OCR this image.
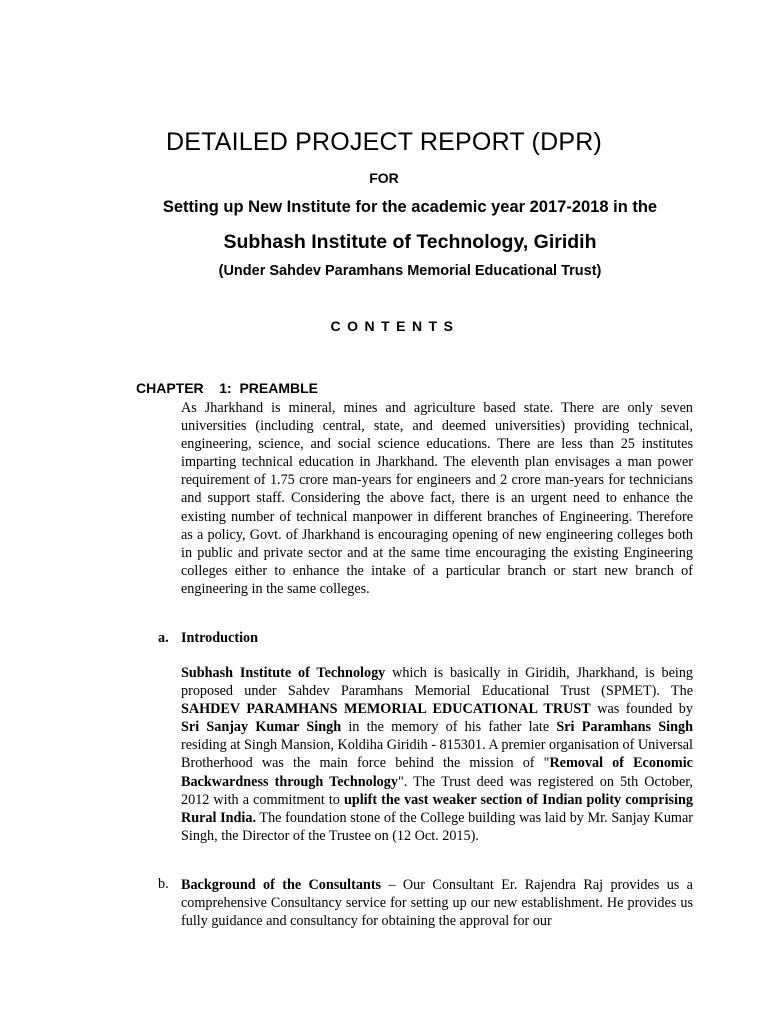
DETAILED PROJECT REPORT (DPR)
FOR
Setting up New Institute for the academic year 2017-2018 in the
Subhash Institute of Technology, Giridih
(Under Sahdev Paramhans Memorial Educational Trust)
CONTENTS
CHAPTER    1:  PREAMBLE
As Jharkhand is mineral, mines and agriculture based state. There are only seven universities (including central, state, and deemed universities) providing technical, engineering, science, and social science educations. There are less than 25 institutes imparting technical education in Jharkhand. The eleventh plan envisages a man power requirement of 1.75 crore man-years for engineers and 2 crore man-years for technicians and support staff. Considering the above fact, there is an urgent need to enhance the existing number of technical manpower in different branches of Engineering. Therefore as a policy, Govt. of Jharkhand is encouraging opening of new engineering colleges both in public and private sector and at the same time encouraging the existing Engineering colleges either to enhance the intake of a particular branch or start new branch of engineering in the same colleges.
a. Introduction
Subhash Institute of Technology which is basically in Giridih, Jharkhand, is being proposed under Sahdev Paramhans Memorial Educational Trust (SPMET). The SAHDEV PARAMHANS MEMORIAL EDUCATIONAL TRUST was founded by Sri Sanjay Kumar Singh in the memory of his father late Sri Paramhans Singh residing at Singh Mansion, Koldiha Giridih - 815301. A premier organisation of Universal Brotherhood was the main force behind the mission of "Removal of Economic Backwardness through Technology". The Trust deed was registered on 5th October, 2012 with a commitment to uplift the vast weaker section of Indian polity comprising Rural India. The foundation stone of the College building was laid by Mr. Sanjay Kumar Singh, the Director of the Trustee on (12 Oct. 2015).
b. Background of the Consultants – Our Consultant Er. Rajendra Raj provides us a comprehensive Consultancy service for setting up our new establishment. He provides us fully guidance and consultancy for obtaining the approval for our
